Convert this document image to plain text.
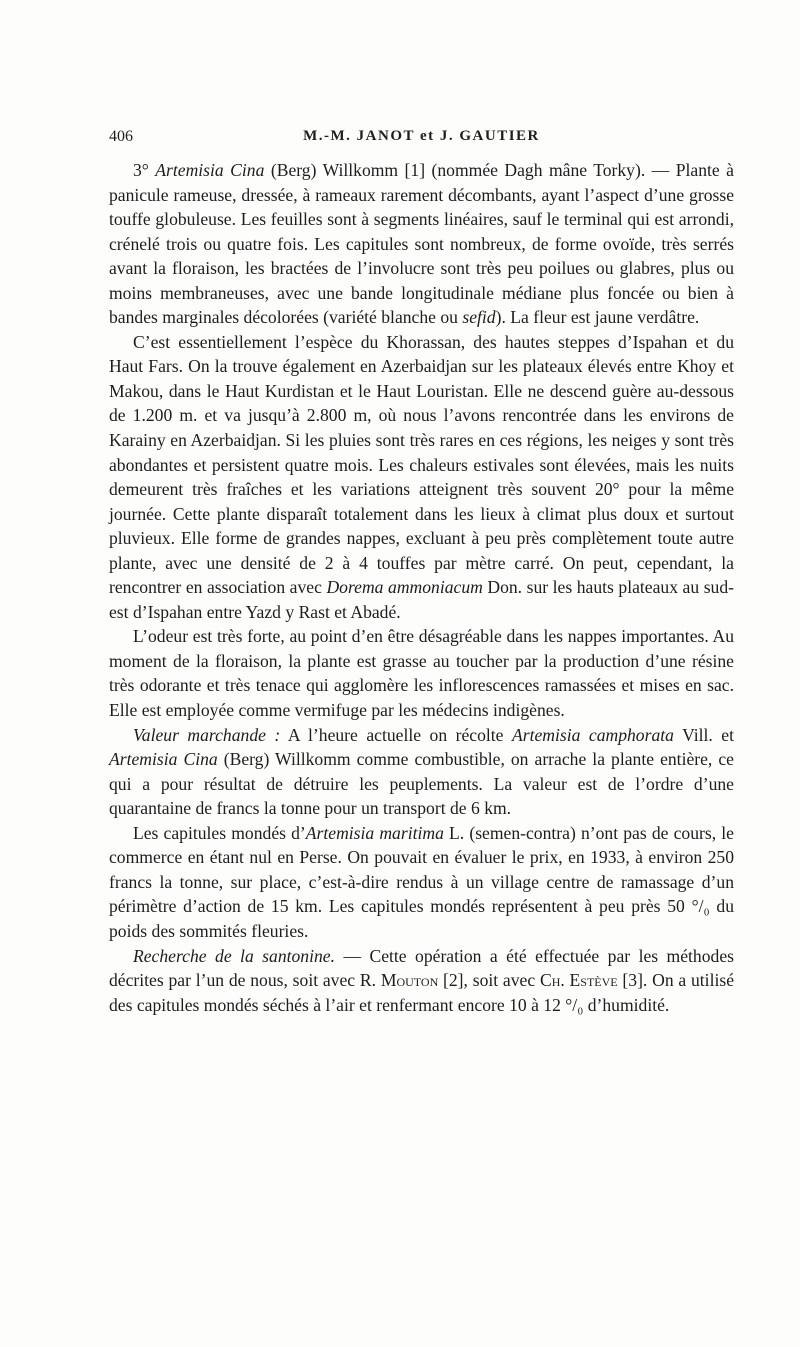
406	M.-M. JANOT et J. GAUTIER

3° Artemisia Cina (Berg) Willkomm [1] (nommée Dagh mâne Torky). — Plante à panicule rameuse, dressée, à rameaux rarement décombants, ayant l’aspect d’une grosse touffe globuleuse. Les feuilles sont à segments linéaires, sauf le terminal qui est arrondi, crénelé trois ou quatre fois. Les capitules sont nombreux, de forme ovoïde, très serrés avant la floraison, les bractées de l’involucre sont très peu poilues ou glabres, plus ou moins membraneuses, avec une bande longitudinale médiane plus foncée ou bien à bandes marginales décolorées (variété blanche ou sefid). La fleur est jaune verdâtre.

C’est essentiellement l’espèce du Khorassan, des hautes steppes d’Ispahan et du Haut Fars. On la trouve également en Azerbaidjan sur les plateaux élevés entre Khoy et Makou, dans le Haut Kurdistan et le Haut Louristan. Elle ne descend guère au-dessous de 1.200 m. et va jusqu’à 2.800 m, où nous l’avons rencontrée dans les environs de Karainy en Azerbaidjan. Si les pluies sont très rares en ces régions, les neiges y sont très abondantes et persistent quatre mois. Les chaleurs estivales sont élevées, mais les nuits demeurent très fraîches et les variations atteignent très souvent 20° pour la même journée. Cette plante disparaît totalement dans les lieux à climat plus doux et surtout pluvieux. Elle forme de grandes nappes, excluant à peu près complètement toute autre plante, avec une densité de 2 à 4 touffes par mètre carré. On peut, cependant, la rencontrer en association avec Dorema ammoniacum Don. sur les hauts plateaux au sud-est d’Ispahan entre Yazd y Rast et Abadé.

L’odeur est très forte, au point d’en être désagréable dans les nappes importantes. Au moment de la floraison, la plante est grasse au toucher par la production d’une résine très odorante et très tenace qui agglomère les inflorescences ramassées et mises en sac. Elle est employée comme vermifuge par les médecins indigènes.

Valeur marchande : A l’heure actuelle on récolte Artemisia camphorata Vill. et Artemisia Cina (Berg) Willkomm comme combustible, on arrache la plante entière, ce qui a pour résultat de détruire les peuplements. La valeur est de l’ordre d’une quarantaine de francs la tonne pour un transport de 6 km.

Les capitules mondés d’Artemisia maritima L. (semen-contra) n’ont pas de cours, le commerce en étant nul en Perse. On pouvait en évaluer le prix, en 1933, à environ 250 francs la tonne, sur place, c’est-à-dire rendus à un village centre de ramassage d’un périmètre d’action de 15 km. Les capitules mondés représentent à peu près 50 °/₀ du poids des sommités fleuries.

Recherche de la santonine. — Cette opération a été effectuée par les méthodes décrites par l’un de nous, soit avec R. Mouton [2], soit avec Ch. Estève [3]. On a utilisé des capitules mondés séchés à l’air et renfermant encore 10 à 12 °/₀ d’humidité.
